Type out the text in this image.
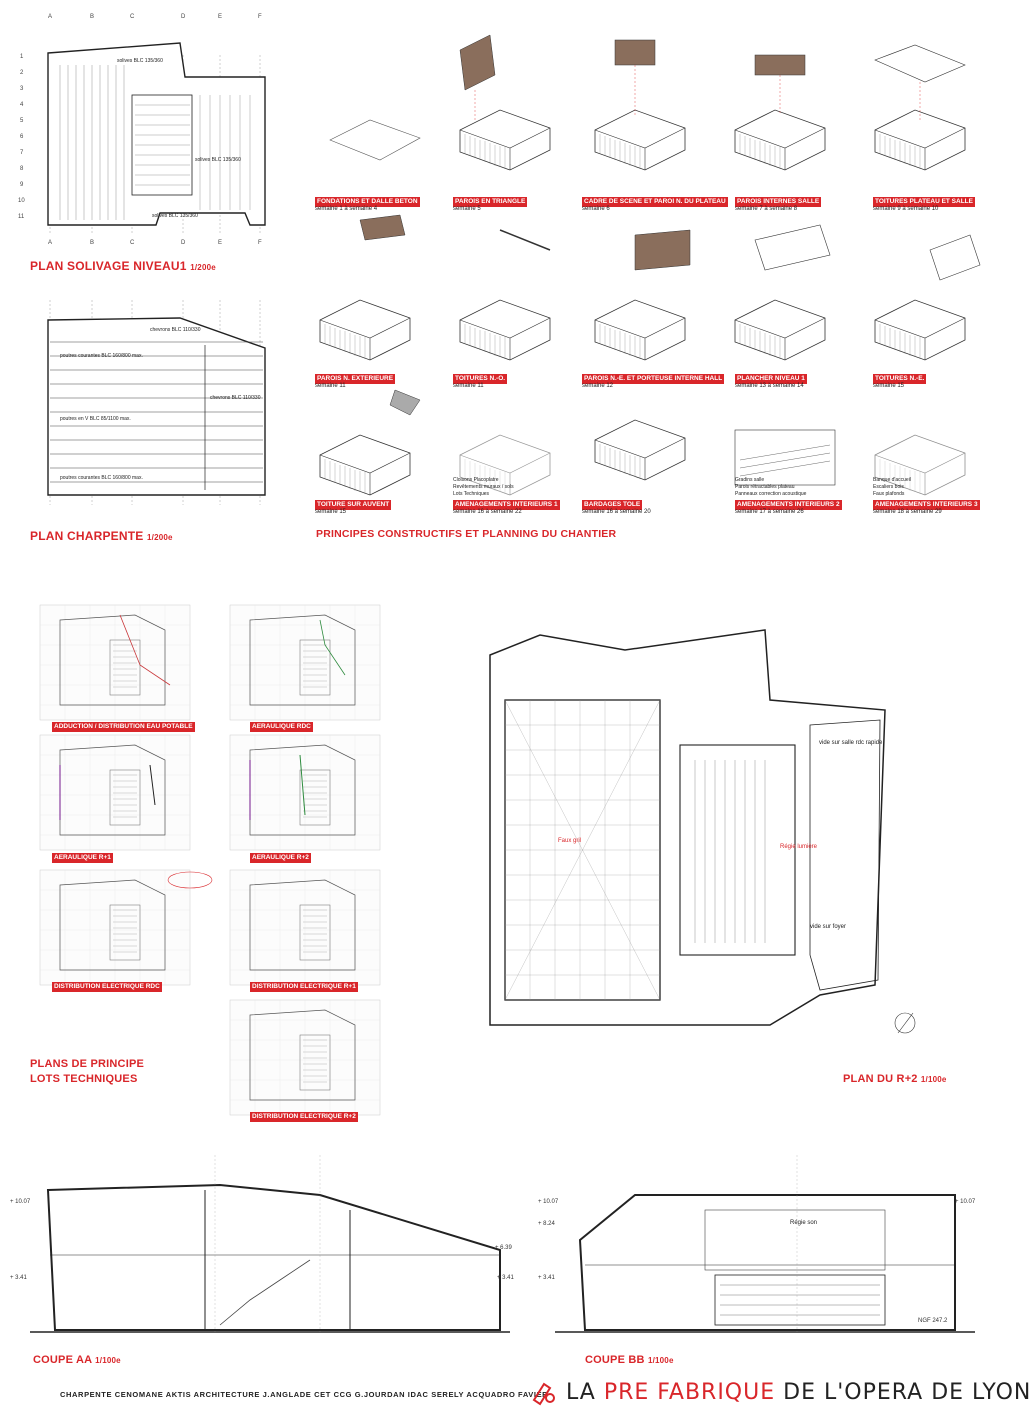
solives BLC 135/360
solives BLC 135/360
solives BLC 135/360
PLAN SOLIVAGE NIVEAU1 1/200e
chevrons BLC 110/330
poutres courantes BLC 160/800 max.
chevrons BLC 110/330
poutres en V BLC 85/1100 max.
poutres courantes BLC 160/800 max.
PLAN CHARPENTE 1/200e
A	B	C	D	E	F
A	B	C	D	E	F
1
2
3
4
5
6
7
8
9
10
11
FONDATIONS ET DALLE BETON
semaine 1 à semaine 4
PAROIS EN TRIANGLE
semaine 5
CADRE DE SCENE ET PAROI N. DU PLATEAU
semaine 6
PAROIS INTERNES SALLE
semaine 7 à semaine 8
TOITURES PLATEAU ET SALLE
semaine 9 à semaine 10
PAROIS N. EXTERIEURE
semaine 11
TOITURES N.-O.
semaine 11
PAROIS N.-E. ET PORTEUSE INTERNE HALL
semaine 12
PLANCHER NIVEAU 1
semaine 13 à semaine 14
TOITURES N.-E.
semaine 15
TOITURE SUR AUVENT
semaine 15
Cloisons Placoplatre
Revêtements muraux / sols
Lots Techniques
AMENAGEMENTS INTERIEURS 1
semaine 16 à semaine 22
BARDAGES TOLE
semaine 16 à semaine 20
Gradins salle
Parois rétractables plateau
Panneaux correction acoustique
AMENAGEMENTS INTERIEURS 2
semaine 17 à semaine 26
Banque d'accueil
Escaliers bois
Faux plafonds
AMENAGEMENTS INTERIEURS 3
semaine 18 à semaine 29
PRINCIPES CONSTRUCTIFS ET PLANNING DU CHANTIER
ADDUCTION / DISTRIBUTION EAU POTABLE	AERAULIQUE RDC
AERAULIQUE R+1	AERAULIQUE R+2
DISTRIBUTION ELECTRIQUE RDC	DISTRIBUTION ELECTRIQUE R+1
DISTRIBUTION ELECTRIQUE R+2
PLANS DE PRINCIPE
LOTS TECHNIQUES
vide sur salle rdc rapide
vide sur foyer
Faux gril
Régie lumière
PLAN DU R+2 1/100e
+ 10.07
+ 6.39
+ 3.41	+ 3.41
COUPE AA 1/100e
+ 10.07
+ 8.24
+ 3.41
+ 10.07
NGF 247.2
Régie son
COUPE BB 1/100e
CHARPENTE CENOMANE AKTIS ARCHITECTURE J.ANGLADE CET CCG G.JOURDAN IDAC SERELY ACQUADRO FAVIER LA PRE FABRIQUE DE L'OPERA DE LYON
